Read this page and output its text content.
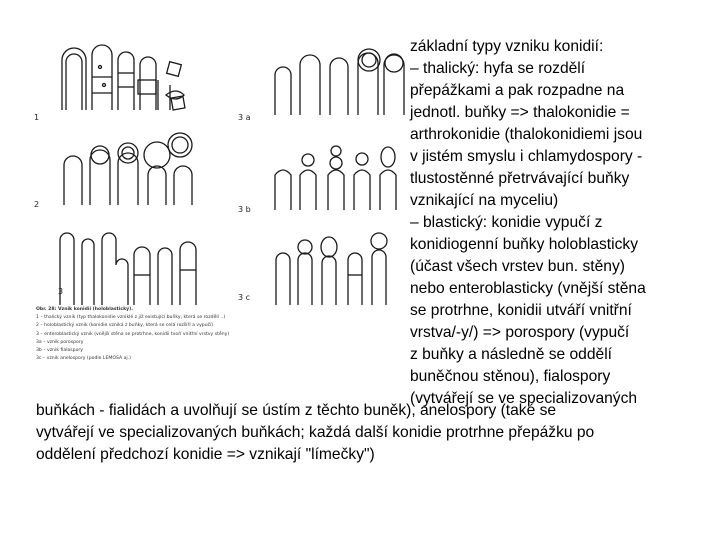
1
2
3
3 a
3 b
3 c
Obr. 28: Vznik konidií (holoblastický).
1 – thalický vznik (typ thalokonidie vzniklé z již existující buňky, která se rozdělí ..)
2 – holoblastický vznik (konidie vzniká z buňky, která se celá rozšíří a vypučí)
3 – enteroblastický vznik (vnější stěna se protrhne, konidii tvoří vnitřní vrstvy stěny)
3a – vznik porospory
3b – vznik fialospory
3c – vznik anelospory (podle LEMOSA aj.)
základní typy vzniku konidií:
– thalický: hyfa se rozdělí
přepážkami a pak rozpadne na
jednotl. buňky => thalokonidie =
arthrokonidie (thalokonidiemi jsou
v jistém smyslu i chlamydospory -
tlustostěnné přetrvávající buňky
vznikající na myceliu)
– blastický: konidie vypučí z
konidiogenní buňky holoblasticky
(účast všech vrstev bun. stěny)
nebo enteroblasticky (vnější stěna
se protrhne, konidii utváří vnitřní
vrstva/-y/) => porospory (vypučí
z buňky a následně se oddělí
buněčnou stěnou), fialospory
(vytvářejí se ve specializovaných
buňkách - fialidách a uvolňují se ústím z těchto buněk), anelospory (také se
vytvářejí ve specializovaných buňkách; každá další konidie protrhne přepážku po
oddělení předchozí konidie => vznikají "límečky")
